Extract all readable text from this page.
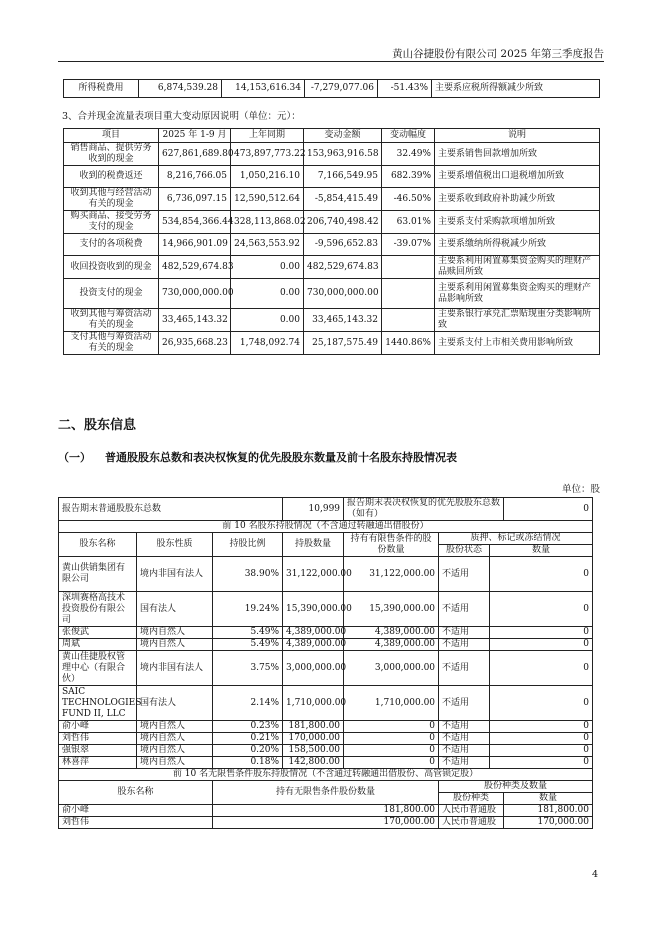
黄山谷捷股份有限公司 2025 年第三季度报告
所得税费用	6,874,539.28	14,153,616.34	-7,279,077.06	-51.43%	主要系应税所得额减少所致
3、合并现金流量表项目重大变动原因说明（单位：元）：
项目	2025 年 1-9 月	上年同期	变动金额	变动幅度	说明
销售商品、提供劳务收到的现金	627,861,689.80	473,897,773.22	153,963,916.58	32.49%	主要系销售回款增加所致
收到的税费返还	8,216,766.05	1,050,216.10	7,166,549.95	682.39%	主要系增值税出口退税增加所致
收到其他与经营活动有关的现金	6,736,097.15	12,590,512.64	-5,854,415.49	-46.50%	主要系收到政府补助减少所致
购买商品、接受劳务支付的现金	534,854,366.44	328,113,868.02	206,740,498.42	63.01%	主要系支付采购款项增加所致
支付的各项税费	14,966,901.09	24,563,553.92	-9,596,652.83	-39.07%	主要系缴纳所得税减少所致
收回投资收到的现金	482,529,674.83	0.00	482,529,674.83		主要系利用闲置募集资金购买的理财产品赎回所致
投资支付的现金	730,000,000.00	0.00	730,000,000.00		主要系利用闲置募集资金购买的理财产品影响所致
收到其他与筹资活动有关的现金	33,465,143.32	0.00	33,465,143.32		主要系银行承兑汇票贴现重分类影响所致
支付其他与筹资活动有关的现金	26,935,668.23	1,748,092.74	25,187,575.49	1440.86%	主要系支付上市相关费用影响所致
二、股东信息
（一） 普通股股东总数和表决权恢复的优先股股东数量及前十名股东持股情况表
单位：股
报告期末普通股股东总数			10,999	报告期末表决权恢复的优先股股东总数（如有）			0
前 10 名股东持股情况（不含通过转融通出借股份）							
股东名称	股东性质	持股比例	持股数量	持有有限售条件的股份数量	质押、标记或冻结情况		
					股份状态	数量	
黄山供销集团有限公司	境内非国有法人	38.90%	31,122,000.00	31,122,000.00	不适用	0	
深圳赛格高技术投资股份有限公司	国有法人	19.24%	15,390,000.00	15,390,000.00	不适用	0	
张俊武	境内自然人	5.49%	4,389,000.00	4,389,000.00	不适用	0	
周斌	境内自然人	5.49%	4,389,000.00	4,389,000.00	不适用	0	
黄山佳捷股权管理中心（有限合伙）	境内非国有法人	3.75%	3,000,000.00	3,000,000.00	不适用	0	
SAIC TECHNOLOGIES FUND II, LLC	国有法人	2.14%	1,710,000.00	1,710,000.00	不适用	0	
俞小峰	境内自然人	0.23%	181,800.00	0	不适用	0	
刘哲伟	境内自然人	0.21%	170,000.00	0	不适用	0	
强银翠	境内自然人	0.20%	158,500.00	0	不适用	0	
林喜萍	境内自然人	0.18%	142,800.00	0	不适用	0	
前 10 名无限售条件股东持股情况（不含通过转融通出借股份、高管锁定股）							
股东名称		持有无限售条件股份数量			股份种类及数量		
					股份种类		数量
俞小峰		181,800.00			人民币普通股		181,800.00
刘哲伟		170,000.00			人民币普通股		170,000.00
4
